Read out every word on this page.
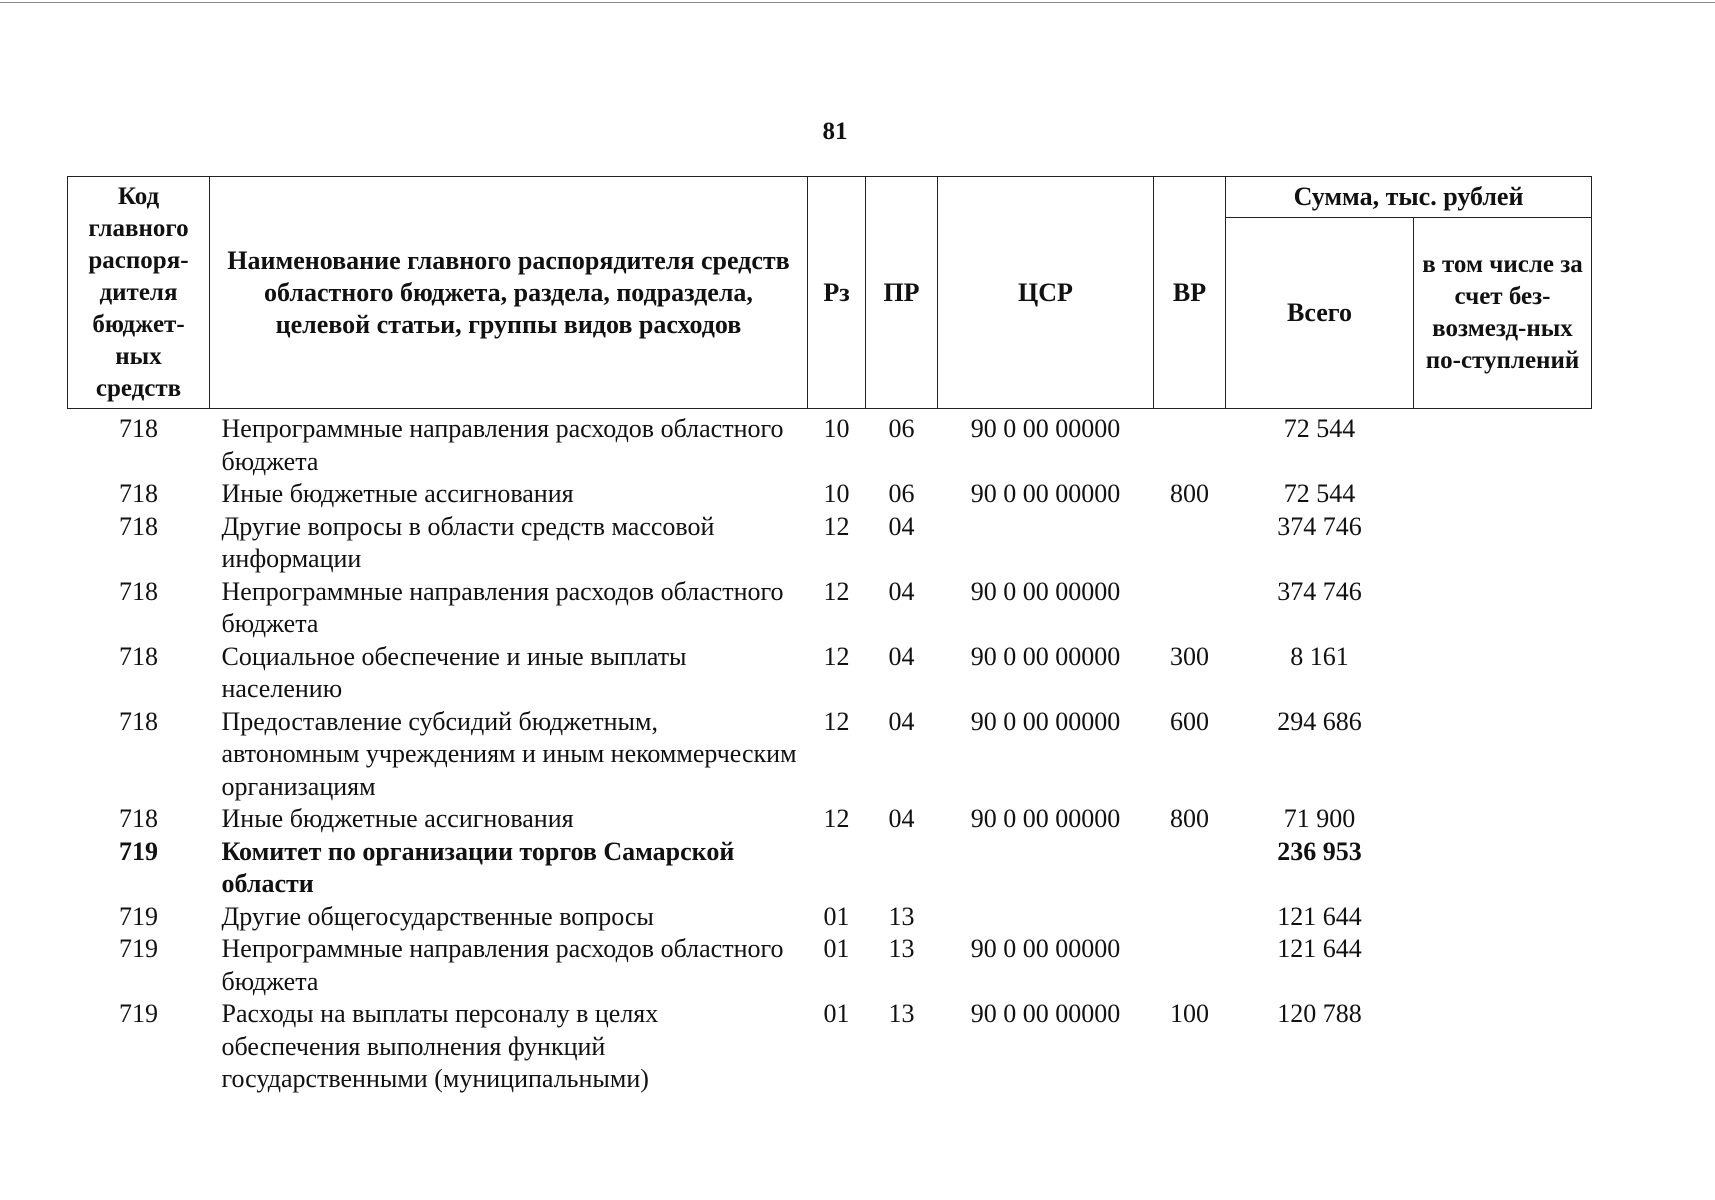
81
Код главного распоря-дителя бюджет-ных средств	Наименование главного распорядителя средств областного бюджета, раздела, подраздела, целевой статьи, группы видов расходов	Рз	ПР	ЦСР	ВР	Сумма, тыс. рублей	
						Всего	в том числе за счет без-возмезд-ных по-ступлений
718	Непрограммные направления расходов областного бюджета	10	06	90 0 00 00000		72 544	
718	Иные бюджетные ассигнования	10	06	90 0 00 00000	800	72 544	
718	Другие вопросы в области средств массовой информации	12	04			374 746	
718	Непрограммные направления расходов областного бюджета	12	04	90 0 00 00000		374 746	
718	Социальное обеспечение и иные выплаты населению	12	04	90 0 00 00000	300	8 161	
718	Предоставление субсидий бюджетным, автономным учреждениям и иным некоммерческим организациям	12	04	90 0 00 00000	600	294 686	
718	Иные бюджетные ассигнования	12	04	90 0 00 00000	800	71 900	
719	Комитет по организации торгов Самарской области					236 953	
719	Другие общегосударственные вопросы	01	13			121 644	
719	Непрограммные направления расходов областного бюджета	01	13	90 0 00 00000		121 644	
719	Расходы на выплаты персоналу в целях обеспечения выполнения функций государственными (муниципальными)	01	13	90 0 00 00000	100	120 788	
